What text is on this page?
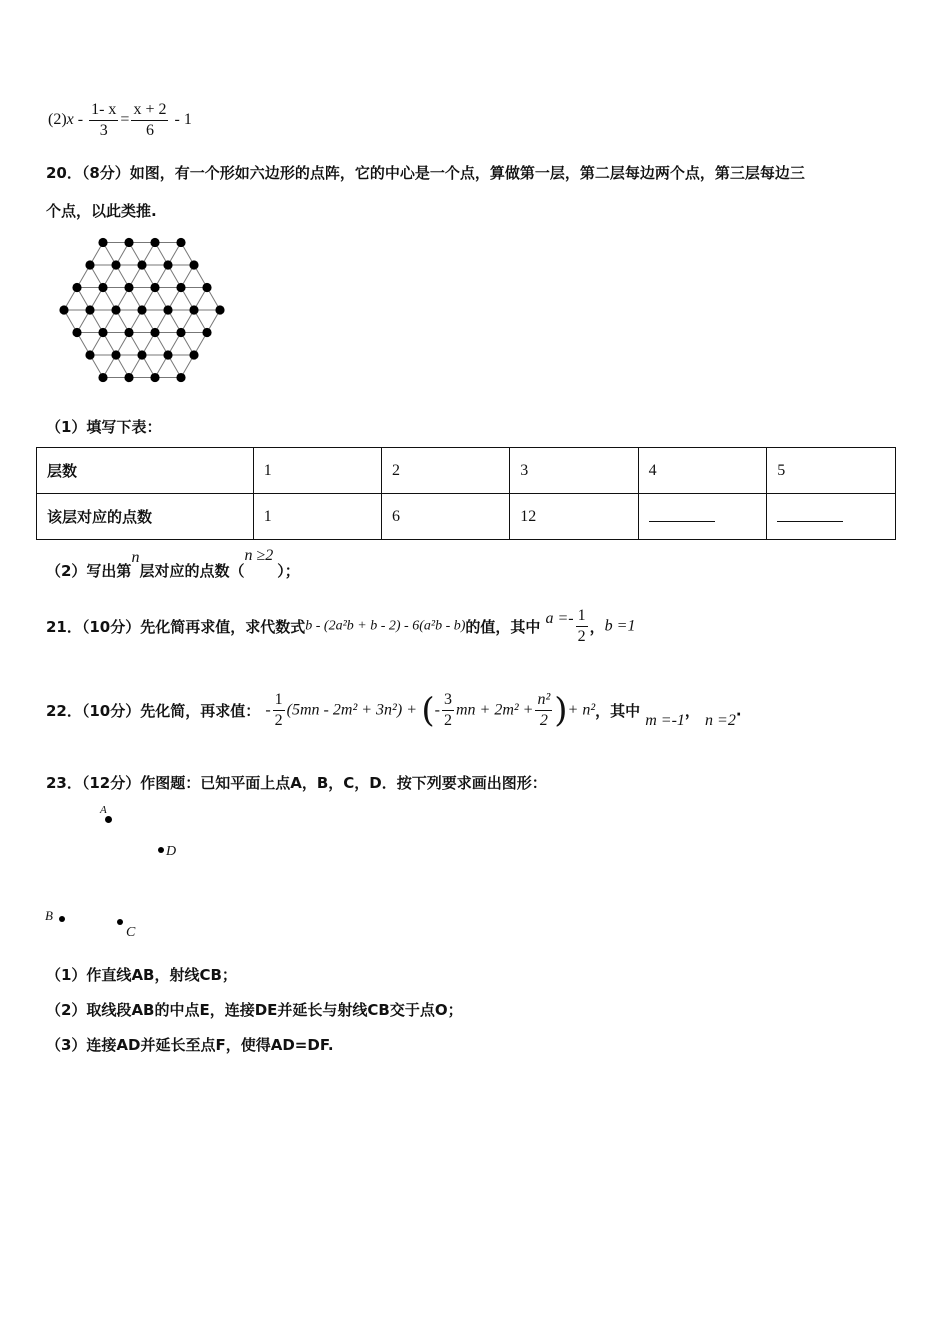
$(2)x - \frac{1- x}{3} = \frac{x + 2}{6} - 1$
20．（8分）如图，有一个形如六边形的点阵，它的中心是一个点，算做第一层，第二层每边两个点，第三层每边三
个点，以此类推.
（1）填写下表：
层数	1	2	3	4	5
该层对应的点数	1	6	12		
（2）写出第n层对应的点数（n ≥2）；
21．（10分）先化简再求值，求代数式b - (2a²b + b - 2) - 6(a²b - b)的值，其中 $a =- \frac{1}{2}$ ，b =1
22．（10分）先化简，再求值： - $\frac{1}{2} (5mn - 2m^2 + 3n^2)$ + (- $\frac{3}{2}$ mn + $2m^2 + \frac{\text{n²}}{2}$ )+ n²，其中 m =-1， n =2.
23．（12分）作图题：已知平面上点A，B，C，D．按下列要求画出图形：
A
D
B
C
（1）作直线AB，射线CB；
（2）取线段AB的中点E，连接DE并延长与射线CB交于点O；
（3）连接AD并延长至点F，使得AD=DF.
